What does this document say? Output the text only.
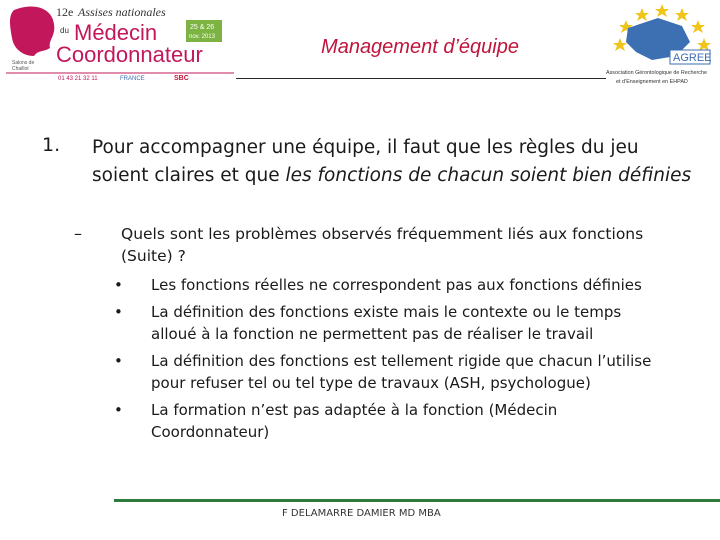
12e Assises nationales
du Médecin
Coordonnateur
25 & 26
nov. 2013
Salons de
Chaillot
01 43 21 32 11	FRANCE	SBC
Management d’équipe	AGREE
Association Gérontologique de Recherche
et d’Enseignement en EHPAD
1. Pour accompagner une équipe, il faut que les règles du jeu soient claires et que les fonctions de chacun soient bien définies
–	Quels sont les problèmes observés fréquemment liés aux fonctions (Suite) ?
• Les fonctions réelles ne correspondent pas aux fonctions définies
• La définition des fonctions existe mais le contexte ou le temps alloué à la fonction ne permettent pas de réaliser le travail
• La définition des fonctions est tellement rigide que chacun l’utilise pour refuser tel ou tel type de travaux (ASH, psychologue)
• La formation n’est pas adaptée à la fonction (Médecin Coordonnateur)
F DELAMARRE DAMIER MD MBA
